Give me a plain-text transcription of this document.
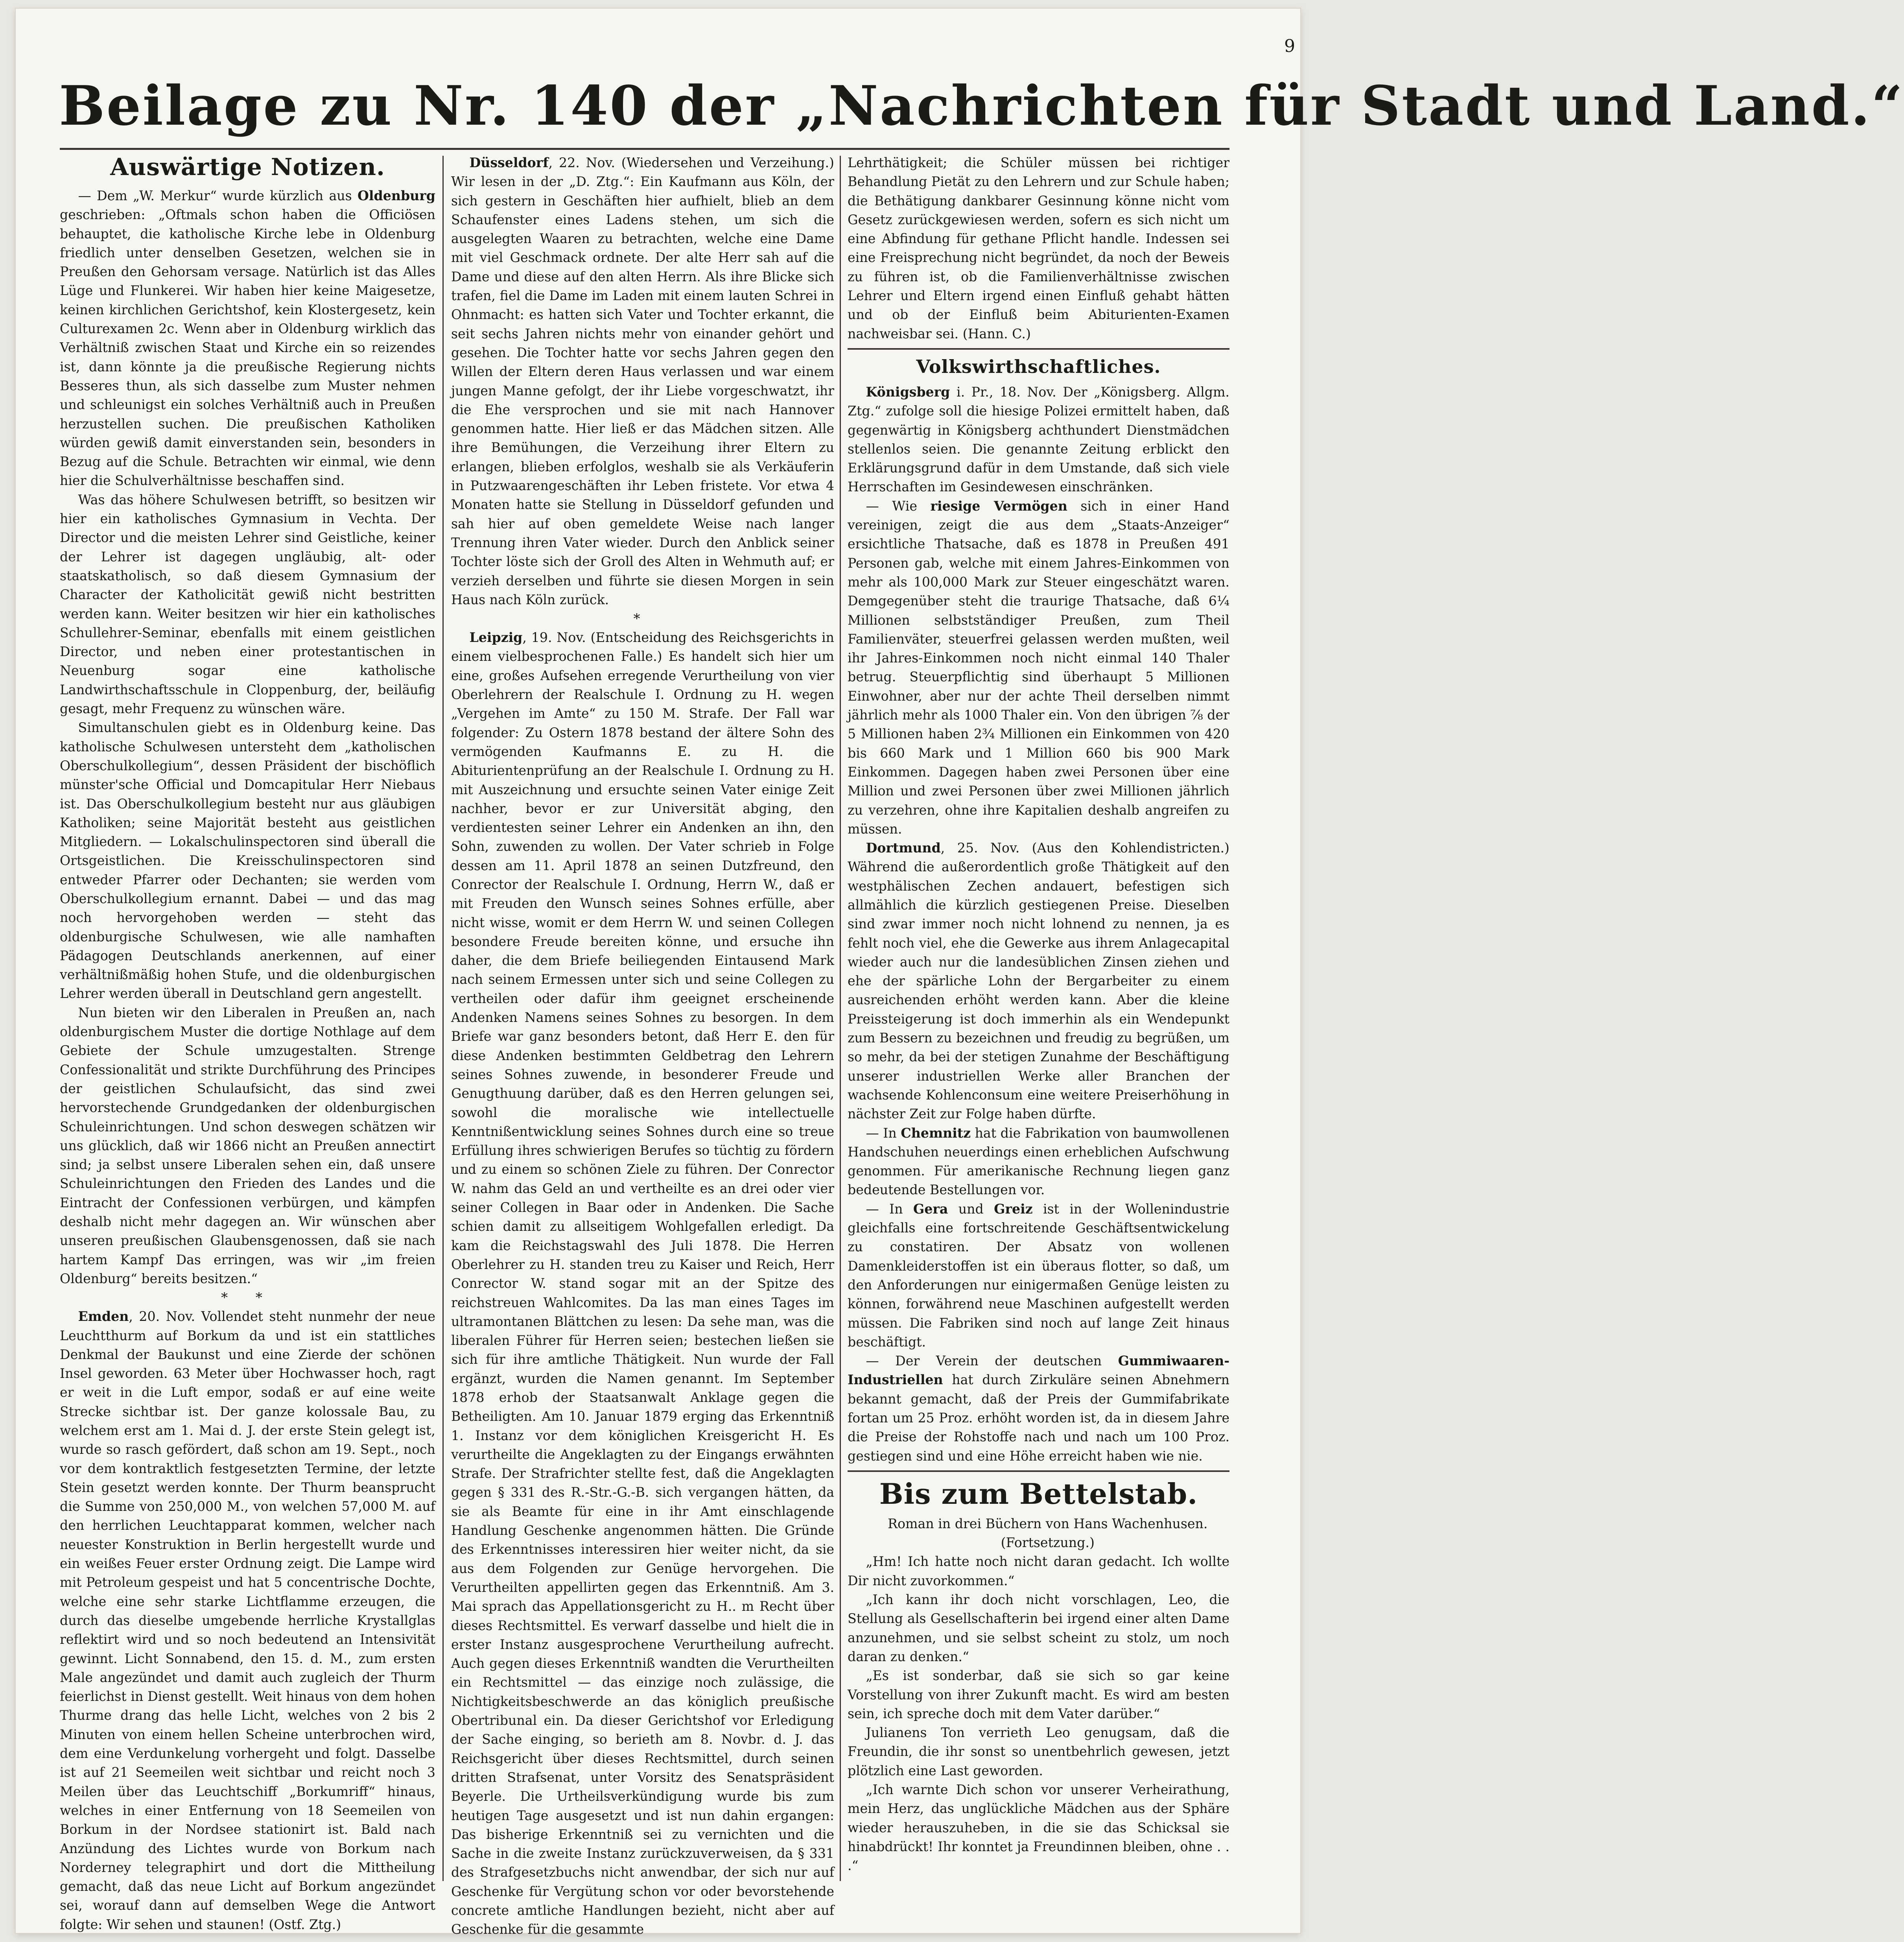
9
Beilage zu Nr. 140 der „Nachrichten für Stadt und Land.“
Auswärtige Notizen.

— Dem „W. Merkur“ wurde kürzlich aus Oldenburg geschrieben: „Oftmals schon haben die Officiösen behauptet, die katholische Kirche lebe in Oldenburg friedlich unter denselben Gesetzen, welchen sie in Preußen den Gehorsam versage. Natürlich ist das Alles Lüge und Flunkerei. Wir haben hier keine Maigesetze, keinen kirchlichen Gerichtshof, kein Klostergesetz, kein Culturexamen 2c. Wenn aber in Oldenburg wirklich das Verhältniß zwischen Staat und Kirche ein so reizendes ist, dann könnte ja die preußische Regierung nichts Besseres thun, als sich dasselbe zum Muster nehmen und schleunigst ein solches Verhältniß auch in Preußen herzustellen suchen. Die preußischen Katholiken würden gewiß damit einverstanden sein, besonders in Bezug auf die Schule. Betrachten wir einmal, wie denn hier die Schulverhältnisse beschaffen sind.

Was das höhere Schulwesen betrifft, so besitzen wir hier ein katholisches Gymnasium in Vechta. Der Director und die meisten Lehrer sind Geistliche, keiner der Lehrer ist dagegen ungläubig, alt- oder staatskatholisch, so daß diesem Gymnasium der Character der Katholicität gewiß nicht bestritten werden kann. Weiter besitzen wir hier ein katholisches Schullehrer-Seminar, ebenfalls mit einem geistlichen Director, und neben einer protestantischen in Neuenburg sogar eine katholische Landwirthschaftsschule in Cloppenburg, der, beiläufig gesagt, mehr Frequenz zu wünschen wäre.

Simultanschulen giebt es in Oldenburg keine. Das katholische Schulwesen untersteht dem „katholischen Oberschulkollegium“, dessen Präsident der bischöflich münster'sche Official und Domcapitular Herr Niebaus ist. Das Oberschulkollegium besteht nur aus gläubigen Katholiken; seine Majorität besteht aus geistlichen Mitgliedern. — Lokalschulinspectoren sind überall die Ortsgeistlichen. Die Kreisschulinspectoren sind entweder Pfarrer oder Dechanten; sie werden vom Oberschulkollegium ernannt. Dabei — und das mag noch hervorgehoben werden — steht das oldenburgische Schulwesen, wie alle namhaften Pädagogen Deutschlands anerkennen, auf einer verhältnißmäßig hohen Stufe, und die oldenburgischen Lehrer werden überall in Deutschland gern angestellt.

Nun bieten wir den Liberalen in Preußen an, nach oldenburgischem Muster die dortige Nothlage auf dem Gebiete der Schule umzugestalten. Strenge Confessionalität und strikte Durchführung des Principes der geistlichen Schulaufsicht, das sind zwei hervorstechende Grundgedanken der oldenburgischen Schuleinrichtungen. Und schon deswegen schätzen wir uns glücklich, daß wir 1866 nicht an Preußen annectirt sind; ja selbst unsere Liberalen sehen ein, daß unsere Schuleinrichtungen den Frieden des Landes und die Eintracht der Confessionen verbürgen, und kämpfen deshalb nicht mehr dagegen an. Wir wünschen aber unseren preußischen Glaubensgenossen, daß sie nach hartem Kampf Das erringen, was wir „im freien Oldenburg“ bereits besitzen.“

* *

Emden, 20. Nov. Vollendet steht nunmehr der neue Leuchtthurm auf Borkum da und ist ein stattliches Denkmal der Baukunst und eine Zierde der schönen Insel geworden. 63 Meter über Hochwasser hoch, ragt er weit in die Luft empor, sodaß er auf eine weite Strecke sichtbar ist. Der ganze kolossale Bau, zu welchem erst am 1. Mai d. J. der erste Stein gelegt ist, wurde so rasch gefördert, daß schon am 19. Sept., noch vor dem kontraktlich festgesetzten Termine, der letzte Stein gesetzt werden konnte. Der Thurm beansprucht die Summe von 250,000 M., von welchen 57,000 M. auf den herrlichen Leuchtapparat kommen, welcher nach neuester Konstruktion in Berlin hergestellt wurde und ein weißes Feuer erster Ordnung zeigt. Die Lampe wird mit Petroleum gespeist und hat 5 concentrische Dochte, welche eine sehr starke Lichtflamme erzeugen, die durch das dieselbe umgebende herrliche Krystallglas reflektirt wird und so noch bedeutend an Intensivität gewinnt. Licht Sonnabend, den 15. d. M., zum ersten Male angezündet und damit auch zugleich der Thurm feierlichst in Dienst gestellt. Weit hinaus von dem hohen Thurme drang das helle Licht, welches von 2 bis 2 Minuten von einem hellen Scheine unterbrochen wird, dem eine Verdunkelung vorhergeht und folgt. Dasselbe ist auf 21 Seemeilen weit sichtbar und reicht noch 3 Meilen über das Leuchtschiff „Borkumriff“ hinaus, welches in einer Entfernung von 18 Seemeilen von Borkum in der Nordsee stationirt ist. Bald nach Anzündung des Lichtes wurde von Borkum nach Norderney telegraphirt und dort die Mittheilung gemacht, daß das neue Licht auf Borkum angezündet sei, worauf dann auf demselben Wege die Antwort folgte: Wir sehen und staunen! (Ostf. Ztg.)

Düsseldorf, 22. Nov. (Wiedersehen und Verzeihung.) Wir lesen in der „D. Ztg.“: Ein Kaufmann aus Köln, der sich gestern in Geschäften hier aufhielt, blieb an dem Schaufenster eines Ladens stehen, um sich die ausgelegten Waaren zu betrachten, welche eine Dame mit viel Geschmack ordnete. Der alte Herr sah auf die Dame und diese auf den alten Herrn. Als ihre Blicke sich trafen, fiel die Dame im Laden mit einem lauten Schrei in Ohnmacht: es hatten sich Vater und Tochter erkannt, die seit sechs Jahren nichts mehr von einander gehört und gesehen. Die Tochter hatte vor sechs Jahren gegen den Willen der Eltern deren Haus verlassen und war einem jungen Manne gefolgt, der ihr Liebe vorgeschwatzt, ihr die Ehe versprochen und sie mit nach Hannover genommen hatte. Hier ließ er das Mädchen sitzen. Alle ihre Bemühungen, die Verzeihung ihrer Eltern zu erlangen, blieben erfolglos, weshalb sie als Verkäuferin in Putzwaarengeschäften ihr Leben fristete. Vor etwa 4 Monaten hatte sie Stellung in Düsseldorf gefunden und sah hier auf oben gemeldete Weise nach langer Trennung ihren Vater wieder. Durch den Anblick seiner Tochter löste sich der Groll des Alten in Wehmuth auf; er verzieh derselben und führte sie diesen Morgen in sein Haus nach Köln zurück.

*

Leipzig, 19. Nov. (Entscheidung des Reichsgerichts in einem vielbesprochenen Falle.) Es handelt sich hier um eine, großes Aufsehen erregende Verurtheilung von vier Oberlehrern der Realschule I. Ordnung zu H. wegen „Vergehen im Amte“ zu 150 M. Strafe. Der Fall war folgender: Zu Ostern 1878 bestand der ältere Sohn des vermögenden Kaufmanns E. zu H. die Abiturientenprüfung an der Realschule I. Ordnung zu H. mit Auszeichnung und ersuchte seinen Vater einige Zeit nachher, bevor er zur Universität abging, den verdientesten seiner Lehrer ein Andenken an ihn, den Sohn, zuwenden zu wollen. Der Vater schrieb in Folge dessen am 11. April 1878 an seinen Dutzfreund, den Conrector der Realschule I. Ordnung, Herrn W., daß er mit Freuden den Wunsch seines Sohnes erfülle, aber nicht wisse, womit er dem Herrn W. und seinen Collegen besondere Freude bereiten könne, und ersuche ihn daher, die dem Briefe beiliegenden Eintausend Mark nach seinem Ermessen unter sich und seine Collegen zu vertheilen oder dafür ihm geeignet erscheinende Andenken Namens seines Sohnes zu besorgen. In dem Briefe war ganz besonders betont, daß Herr E. den für diese Andenken bestimmten Geldbetrag den Lehrern seines Sohnes zuwende, in besonderer Freude und Genugthuung darüber, daß es den Herren gelungen sei, sowohl die moralische wie intellectuelle Kenntnißentwicklung seines Sohnes durch eine so treue Erfüllung ihres schwierigen Berufes so tüchtig zu fördern und zu einem so schönen Ziele zu führen. Der Conrector W. nahm das Geld an und vertheilte es an drei oder vier seiner Collegen in Baar oder in Andenken. Die Sache schien damit zu allseitigem Wohlgefallen erledigt. Da kam die Reichstagswahl des Juli 1878. Die Herren Oberlehrer zu H. standen treu zu Kaiser und Reich, Herr Conrector W. stand sogar mit an der Spitze des reichstreuen Wahlcomites. Da las man eines Tages im ultramontanen Blättchen zu lesen: Da sehe man, was die liberalen Führer für Herren seien; bestechen ließen sie sich für ihre amtliche Thätigkeit. Nun wurde der Fall ergänzt, wurden die Namen genannt. Im September 1878 erhob der Staatsanwalt Anklage gegen die Betheiligten. Am 10. Januar 1879 erging das Erkenntniß 1. Instanz vor dem königlichen Kreisgericht H. Es verurtheilte die Angeklagten zu der Eingangs erwähnten Strafe. Der Strafrichter stellte fest, daß die Angeklagten gegen § 331 des R.-Str.-G.-B. sich vergangen hätten, da sie als Beamte für eine in ihr Amt einschlagende Handlung Geschenke angenommen hätten. Die Gründe des Erkenntnisses interessiren hier weiter nicht, da sie aus dem Folgenden zur Genüge hervorgehen. Die Verurtheilten appellirten gegen das Erkenntniß. Am 3. Mai sprach das Appellationsgericht zu H.. m Recht über dieses Rechtsmittel. Es verwarf dasselbe und hielt die in erster Instanz ausgesprochene Verurtheilung aufrecht. Auch gegen dieses Erkenntniß wandten die Verurtheilten ein Rechtsmittel — das einzige noch zulässige, die Nichtigkeitsbeschwerde an das königlich preußische Obertribunal ein. Da dieser Gerichtshof vor Erledigung der Sache einging, so berieth am 8. Novbr. d. J. das Reichsgericht über dieses Rechtsmittel, durch seinen dritten Strafsenat, unter Vorsitz des Senatspräsident Beyerle. Die Urtheilsverkündigung wurde bis zum heutigen Tage ausgesetzt und ist nun dahin ergangen: Das bisherige Erkenntniß sei zu vernichten und die Sache in die zweite Instanz zurückzuverweisen, da § 331 des Strafgesetzbuchs nicht anwendbar, der sich nur auf Geschenke für Vergütung schon vor oder bevorstehende concrete amtliche Handlungen bezieht, nicht aber auf Geschenke für die gesammte

Lehrthätigkeit; die Schüler müssen bei richtiger Behandlung Pietät zu den Lehrern und zur Schule haben; die Bethätigung dankbarer Gesinnung könne nicht vom Gesetz zurückgewiesen werden, sofern es sich nicht um eine Abfindung für gethane Pflicht handle. Indessen sei eine Freisprechung nicht begründet, da noch der Beweis zu führen ist, ob die Familienverhältnisse zwischen Lehrer und Eltern irgend einen Einfluß gehabt hätten und ob der Einfluß beim Abiturienten-Examen nachweisbar sei. (Hann. C.)

Volkswirthschaftliches.

Königsberg i. Pr., 18. Nov. Der „Königsberg. Allgm. Ztg.“ zufolge soll die hiesige Polizei ermittelt haben, daß gegenwärtig in Königsberg achthundert Dienstmädchen stellenlos seien. Die genannte Zeitung erblickt den Erklärungsgrund dafür in dem Umstande, daß sich viele Herrschaften im Gesindewesen einschränken.

— Wie riesige Vermögen sich in einer Hand vereinigen, zeigt die aus dem „Staats-Anzeiger“ ersichtliche Thatsache, daß es 1878 in Preußen 491 Personen gab, welche mit einem Jahres-Einkommen von mehr als 100,000 Mark zur Steuer eingeschätzt waren. Demgegenüber steht die traurige Thatsache, daß 6¼ Millionen selbstständiger Preußen, zum Theil Familienväter, steuerfrei gelassen werden mußten, weil ihr Jahres-Einkommen noch nicht einmal 140 Thaler betrug. Steuerpflichtig sind überhaupt 5 Millionen Einwohner, aber nur der achte Theil derselben nimmt jährlich mehr als 1000 Thaler ein. Von den übrigen ⅞ der 5 Millionen haben 2¾ Millionen ein Einkommen von 420 bis 660 Mark und 1 Million 660 bis 900 Mark Einkommen. Dagegen haben zwei Personen über eine Million und zwei Personen über zwei Millionen jährlich zu verzehren, ohne ihre Kapitalien deshalb angreifen zu müssen.

Dortmund, 25. Nov. (Aus den Kohlendistricten.) Während die außerordentlich große Thätigkeit auf den westphälischen Zechen andauert, befestigen sich allmählich die kürzlich gestiegenen Preise. Dieselben sind zwar immer noch nicht lohnend zu nennen, ja es fehlt noch viel, ehe die Gewerke aus ihrem Anlagecapital wieder auch nur die landesüblichen Zinsen ziehen und ehe der spärliche Lohn der Bergarbeiter zu einem ausreichenden erhöht werden kann. Aber die kleine Preissteigerung ist doch immerhin als ein Wendepunkt zum Bessern zu bezeichnen und freudig zu begrüßen, um so mehr, da bei der stetigen Zunahme der Beschäftigung unserer industriellen Werke aller Branchen der wachsende Kohlenconsum eine weitere Preiserhöhung in nächster Zeit zur Folge haben dürfte.

— In Chemnitz hat die Fabrikation von baumwollenen Handschuhen neuerdings einen erheblichen Aufschwung genommen. Für amerikanische Rechnung liegen ganz bedeutende Bestellungen vor.

— In Gera und Greiz ist in der Wollenindustrie gleichfalls eine fortschreitende Geschäftsentwickelung zu constatiren. Der Absatz von wollenen Damenkleiderstoffen ist ein überaus flotter, so daß, um den Anforderungen nur einigermaßen Genüge leisten zu können, forwährend neue Maschinen aufgestellt werden müssen. Die Fabriken sind noch auf lange Zeit hinaus beschäftigt.

— Der Verein der deutschen Gummiwaaren-Industriellen hat durch Zirkuläre seinen Abnehmern bekannt gemacht, daß der Preis der Gummifabrikate fortan um 25 Proz. erhöht worden ist, da in diesem Jahre die Preise der Rohstoffe nach und nach um 100 Proz. gestiegen sind und eine Höhe erreicht haben wie nie.

Bis zum Bettelstab.

Roman in drei Büchern von Hans Wachenhusen.

(Fortsetzung.)

„Hm! Ich hatte noch nicht daran gedacht. Ich wollte Dir nicht zuvorkommen.“

„Ich kann ihr doch nicht vorschlagen, Leo, die Stellung als Gesellschafterin bei irgend einer alten Dame anzunehmen, und sie selbst scheint zu stolz, um noch daran zu denken.“

„Es ist sonderbar, daß sie sich so gar keine Vorstellung von ihrer Zukunft macht. Es wird am besten sein, ich spreche doch mit dem Vater darüber.“

Julianens Ton verrieth Leo genugsam, daß die Freundin, die ihr sonst so unentbehrlich gewesen, jetzt plötzlich eine Last geworden.

„Ich warnte Dich schon vor unserer Verheirathung, mein Herz, das unglückliche Mädchen aus der Sphäre wieder herauszuheben, in die sie das Schicksal sie hinabdrückt! Ihr konntet ja Freundinnen bleiben, ohne . . .“
